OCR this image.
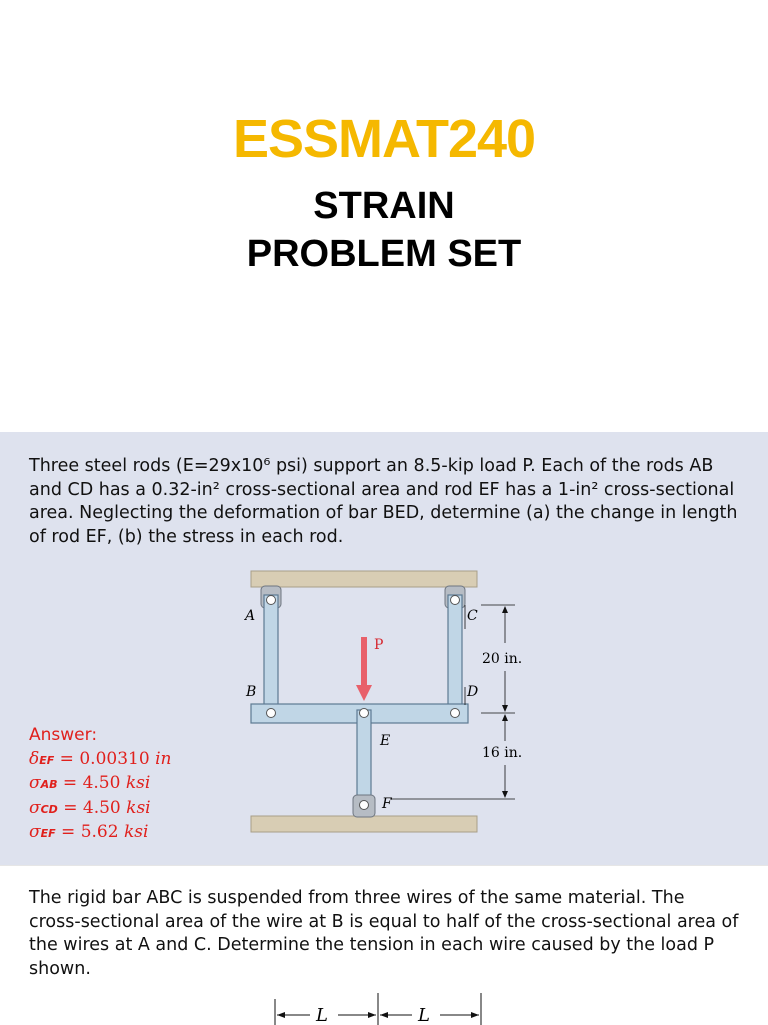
ESSMAT240
STRAIN
PROBLEM SET
Three steel rods (E=29x10⁶ psi) support an 8.5-kip load P. Each of the rods AB and CD has a 0.32-in² cross-sectional area and rod EF has a 1-in² cross-sectional area. Neglecting the deformation of bar BED, determine (a) the change in length of rod EF, (b) the stress in each rod.
A
B
C
D
E
F
P
20 in.
16 in.
Answer:
δEF = 0.00310 in
σAB = 4.50 ksi
σCD = 4.50 ksi
σEF = 5.62 ksi
The rigid bar ABC is suspended from three wires of the same material. The cross-sectional area of the wire at B is equal to half of the cross-sectional area of the wires at A and C. Determine the tension in each wire caused by the load P shown.
L	L
